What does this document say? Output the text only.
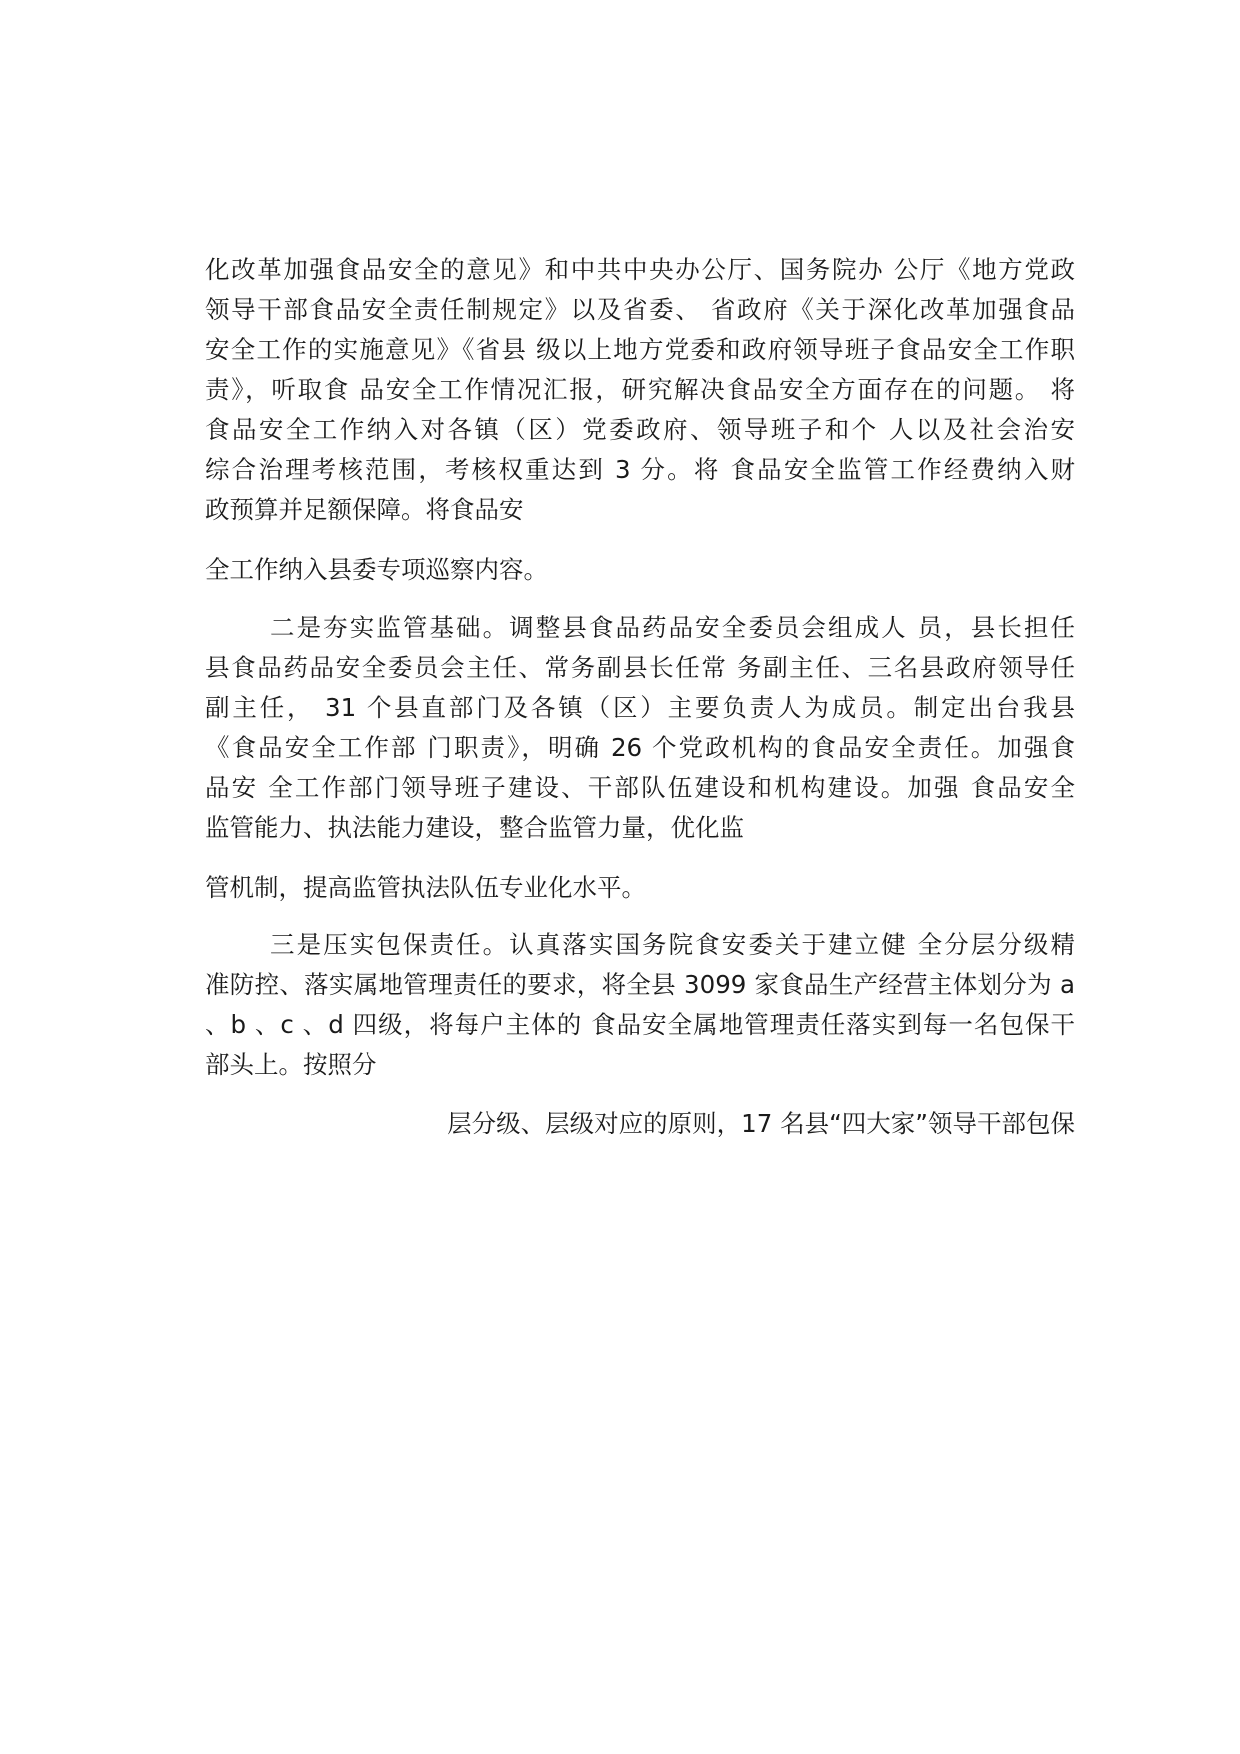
化改革加强食品安全的意见》和中共中央办公厅、国务院办 公厅《地方党政
领导干部食品安全责任制规定》以及省委、 省政府《关于深化改革加强食品
安全工作的实施意见》《省县 级以上地方党委和政府领导班子食品安全工作职
责》，听取食 品安全工作情况汇报，研究解决食品安全方面存在的问题。 将
食品安全工作纳入对各镇（区）党委政府、领导班子和个 人以及社会治安
综合治理考核范围，考核权重达到 3 分。将 食品安全监管工作经费纳入财
政预算并足额保障。将食品安
全工作纳入县委专项巡察内容。
二是夯实监管基础。调整县食品药品安全委员会组成人 员，县长担任
县食品药品安全委员会主任、常务副县长任常 务副主任、三名县政府领导任
副主任， 31 个县直部门及各镇（区）主要负责人为成员。制定出台我县
《食品安全工作部 门职责》，明确 26 个党政机构的食品安全责任。加强食
品安 全工作部门领导班子建设、干部队伍建设和机构建设。加强 食品安全
监管能力、执法能力建设，整合监管力量，优化监
管机制，提高监管执法队伍专业化水平。
三是压实包保责任。认真落实国务院食安委关于建立健 全分层分级精
准防控、落实属地管理责任的要求，将全县 3099 家食品生产经营主体划分为 a
、b 、c 、d 四级，将每户主体的 食品安全属地管理责任落实到每一名包保干
部头上。按照分
层分级、层级对应的原则，17 名县“四大家”领导干部包保
